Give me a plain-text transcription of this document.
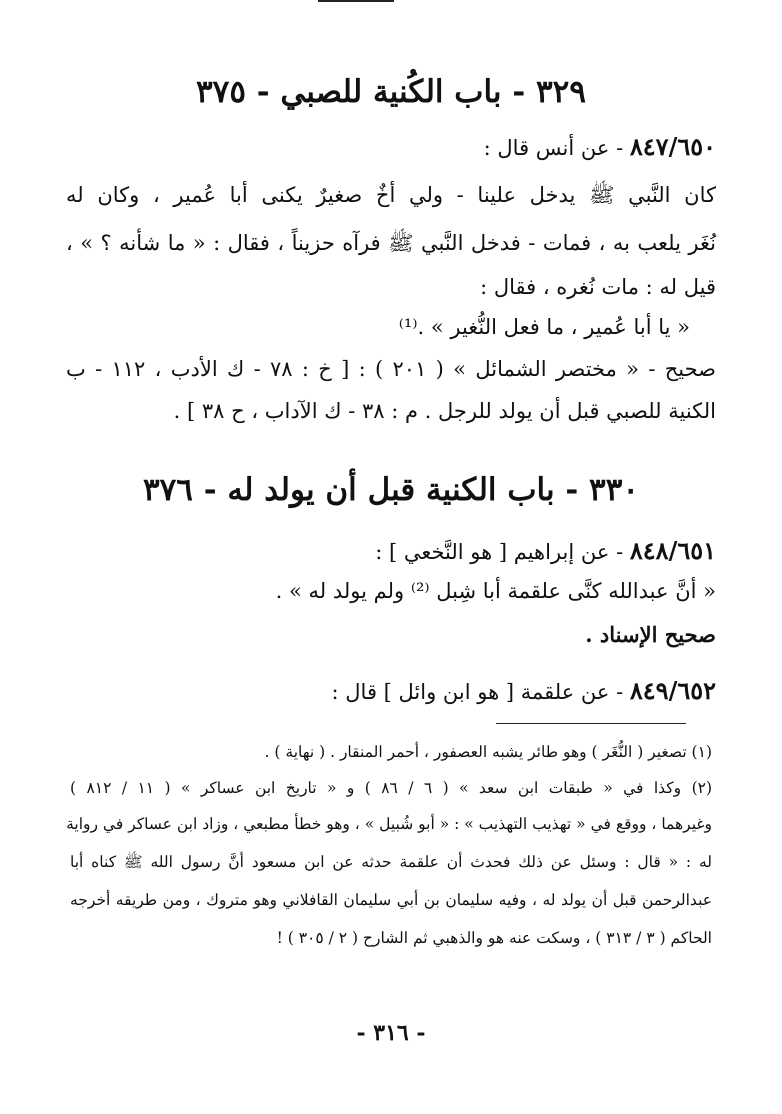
٣٢٩ - باب الكُنية للصبي - ٣٧٥
٨٤٧/٦٥٠ - عن أنس قال :
كان النَّبي ﷺ يدخل علينا - ولي أخٌ صغيرٌ يكنى أبا عُمير ، وكان له
نُغَر يلعب به ، فمات - فدخل النَّبي ﷺ فرآه حزيناً ، فقال : « ما شأنه ؟ » ،
قيل له : مات نُغره ، فقال :
« يا أبا عُمير ، ما فعل النُّغير » .⁽¹⁾
صحيح - « مختصر الشمائل » ( ٢٠١ ) : [ خ : ٧٨ - ك الأدب ، ١١٢ - ب
الكنية للصبي قبل أن يولد للرجل . م : ٣٨ - ك الآداب ، ح ٣٨ ] .
٣٣٠ - باب الكنية قبل أن يولد له - ٣٧٦
٨٤٨/٦٥١ - عن إبراهيم [ هو النَّخعي ] :
« أنَّ عبدالله كنَّى علقمة أبا شِبل ⁽²⁾ ولم يولد له » .
صحيح الإسناد .
٨٤٩/٦٥٢ - عن علقمة [ هو ابن وائل ] قال :
(١) تصغير ( النُّغَر ) وهو طائر يشبه العصفور ، أحمر المنقار . ( نهاية ) .
(٢) وكذا في « طبقات ابن سعد » ( ٦ / ٨٦ ) و « تاريخ ابن عساكر » ( ١١ / ٨١٢ )
وغيرهما ، ووقع في « تهذيب التهذيب » : « أبو شُبيل » ، وهو خطأ مطبعي ، وزاد ابن عساكر في رواية
له : « قال : وسئل عن ذلك فحدث أن علقمة حدثه عن ابن مسعود أنَّ رسول الله ﷺ كناه أبا
عبدالرحمن قبل أن يولد له ، وفيه سليمان بن أبي سليمان القافلاني وهو متروك ، ومن طريقه أخرجه
الحاكم ( ٣ / ٣١٣ ) ، وسكت عنه هو والذهبي ثم الشارح ( ٢ / ٣٠٥ ) !
- ٣١٦ -
